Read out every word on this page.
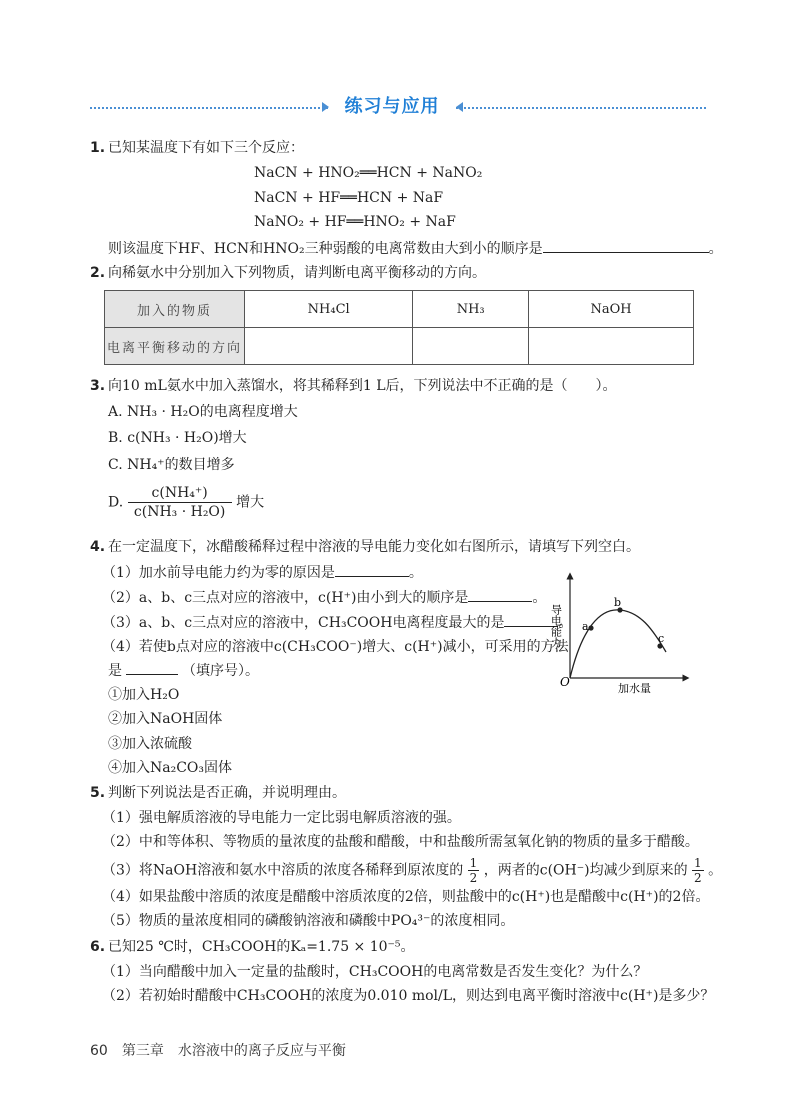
练习与应用
1. 已知某温度下有如下三个反应：
NaCN + HNO₂══HCN + NaNO₂
NaCN + HF══HCN + NaF
NaNO₂ + HF══HNO₂ + NaF
则该温度下HF、HCN和HNO₂三种弱酸的电离常数由大到小的顺序是	。
2. 向稀氨水中分别加入下列物质，请判断电离平衡移动的方向。
加入的物质	NH₄Cl	NH₃	NaOH
电离平衡移动的方向			
3. 向10 mL氨水中加入蒸馏水，将其稀释到1 L后，下列说法中不正确的是（　　）。
A. NH₃ · H₂O的电离程度增大
B. c(NH₃ · H₂O)增大
C. NH₄⁺的数目增多
D. $\frac{\text{c(NH₄⁺)}}{\text{c(NH₃ · H₂O)}}$ 增大
4. 在一定温度下，冰醋酸稀释过程中溶液的导电能力变化如右图所示，请填写下列空白。
（1）加水前导电能力约为零的原因是	。
（2）a、b、c三点对应的溶液中，c(H⁺)由小到大的顺序是	。
（3）a、b、c三点对应的溶液中，CH₃COOH电离程度最大的是	。
（4）若使b点对应的溶液中c(CH₃COO⁻)增大、c(H⁺)减小，可采用的方法
是	（填序号）。
①加入H₂O
②加入NaOH固体
③加入浓硫酸
④加入Na₂CO₃固体
a
b
c
O	加水量
导电能力
5. 判断下列说法是否正确，并说明理由。
（1）强电解质溶液的导电能力一定比弱电解质溶液的强。
（2）中和等体积、等物质的量浓度的盐酸和醋酸，中和盐酸所需氢氧化钠的物质的量多于醋酸。
（3）将NaOH溶液和氨水中溶质的浓度各稀释到原浓度的 $\frac{1}{2}$ ，两者的c(OH⁻)均减少到原来的 $\frac{1}{2}$ 。
（4）如果盐酸中溶质的浓度是醋酸中溶质浓度的2倍，则盐酸中的c(H⁺)也是醋酸中c(H⁺)的2倍。
（5）物质的量浓度相同的磷酸钠溶液和磷酸中PO₄³⁻的浓度相同。
6. 已知25 ℃时，CH₃COOH的Kₐ=1.75 × 10⁻⁵。
（1）当向醋酸中加入一定量的盐酸时，CH₃COOH的电离常数是否发生变化？为什么？
（2）若初始时醋酸中CH₃COOH的浓度为0.010 mol/L，则达到电离平衡时溶液中c(H⁺)是多少？
60 第三章 水溶液中的离子反应与平衡
